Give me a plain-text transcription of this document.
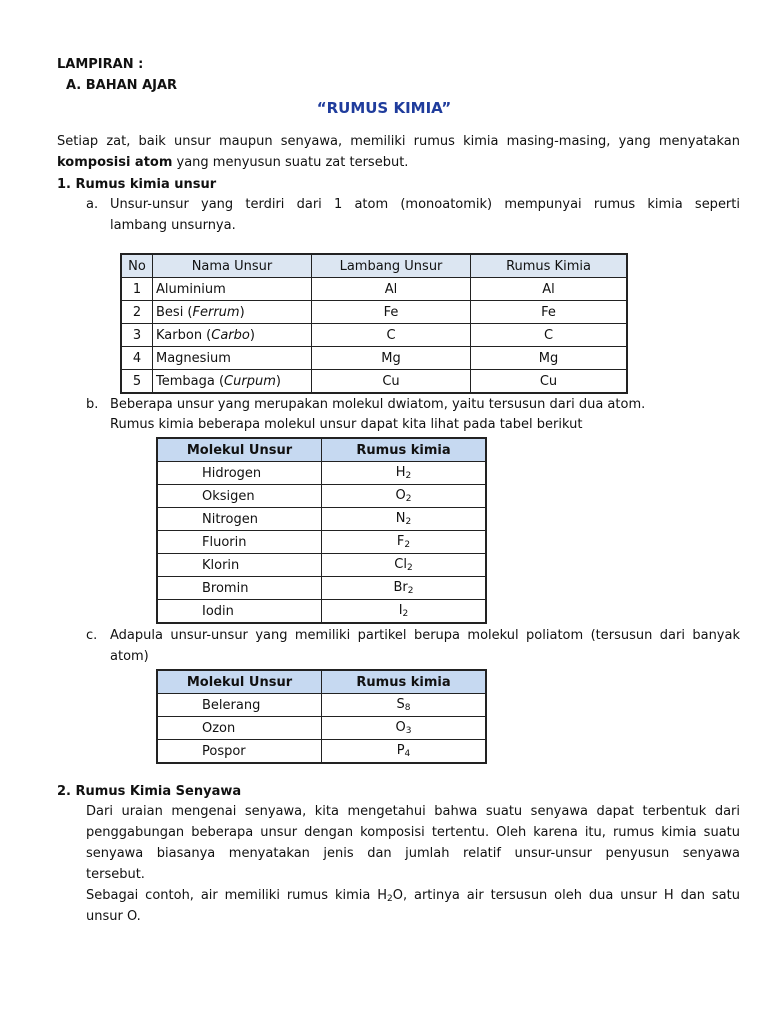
LAMPIRAN :
A. BAHAN AJAR
“RUMUS KIMIA”
Setiap zat, baik unsur maupun senyawa, memiliki rumus kimia masing-masing, yang menyatakan
komposisi atom yang menyusun suatu zat tersebut.
1. Rumus kimia unsur
a. Unsur-unsur yang terdiri dari 1 atom (monoatomik) mempunyai rumus kimia seperti
lambang unsurnya.
No	Nama Unsur	Lambang Unsur	Rumus Kimia
1	Aluminium	Al	Al
2	Besi (Ferrum)	Fe	Fe
3	Karbon (Carbo)	C	C
4	Magnesium	Mg	Mg
5	Tembaga (Curpum)	Cu	Cu
b. Beberapa unsur yang merupakan molekul dwiatom, yaitu tersusun dari dua atom.
Rumus kimia beberapa molekul unsur dapat kita lihat pada tabel berikut
Molekul Unsur	Rumus kimia
Hidrogen	$H_2$
Oksigen	$O_2$
Nitrogen	$N_2$
Fluorin	$F_2$
Klorin	$Cl_2$
Bromin	$Br_2$
Iodin	$I_2$
c. Adapula unsur-unsur yang memiliki partikel berupa molekul poliatom (tersusun dari banyak
atom)
Molekul Unsur	Rumus kimia
Belerang	$S_8$
Ozon	$O_3$
Pospor	$P_4$
2. Rumus Kimia Senyawa
Dari uraian mengenai senyawa, kita mengetahui bahwa suatu senyawa dapat terbentuk dari
penggabungan beberapa unsur dengan komposisi tertentu. Oleh karena itu, rumus kimia suatu
senyawa biasanya menyatakan jenis dan jumlah relatif unsur-unsur penyusun senyawa
tersebut.
Sebagai contoh, air memiliki rumus kimia $H_2O$, artinya air tersusun oleh dua unsur H dan satu
unsur O.
